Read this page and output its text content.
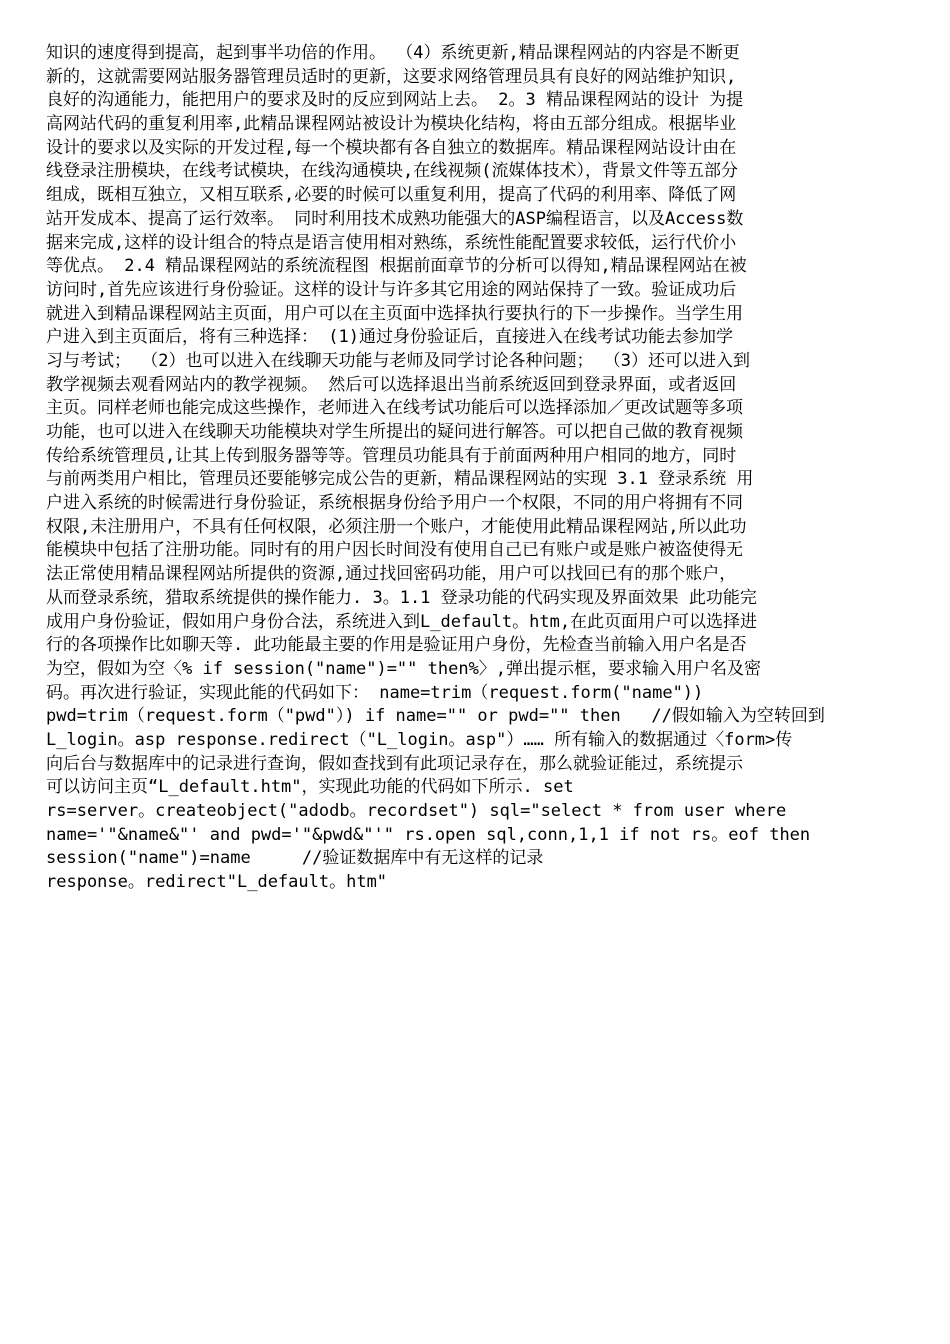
知识的速度得到提高，起到事半功倍的作用。 （4）系统更新,精品课程网站的内容是不断更
新的，这就需要网站服务器管理员适时的更新，这要求网络管理员具有良好的网站维护知识,
良好的沟通能力，能把用户的要求及时的反应到网站上去。 2。3 精品课程网站的设计 为提
高网站代码的重复利用率,此精品课程网站被设计为模块化结构，将由五部分组成。根据毕业
设计的要求以及实际的开发过程,每一个模块都有各自独立的数据库。精品课程网站设计由在
线登录注册模块，在线考试模块，在线沟通模块,在线视频(流媒体技术），背景文件等五部分
组成，既相互独立，又相互联系,必要的时候可以重复利用，提高了代码的利用率、降低了网
站开发成本、提高了运行效率。 同时利用技术成熟功能强大的ASP编程语言，以及Access数
据来完成,这样的设计组合的特点是语言使用相对熟练，系统性能配置要求较低，运行代价小
等优点。 2.4 精品课程网站的系统流程图 根据前面章节的分析可以得知,精品课程网站在被
访问时,首先应该进行身份验证。这样的设计与许多其它用途的网站保持了一致。验证成功后
就进入到精品课程网站主页面，用户可以在主页面中选择执行要执行的下一步操作。当学生用
户进入到主页面后，将有三种选择： (1)通过身份验证后，直接进入在线考试功能去参加学
习与考试； （2）也可以进入在线聊天功能与老师及同学讨论各种问题； （3）还可以进入到
教学视频去观看网站内的教学视频。 然后可以选择退出当前系统返回到登录界面，或者返回
主页。同样老师也能完成这些操作，老师进入在线考试功能后可以选择添加／更改试题等多项
功能，也可以进入在线聊天功能模块对学生所提出的疑问进行解答。可以把自己做的教育视频
传给系统管理员,让其上传到服务器等等。管理员功能具有于前面两种用户相同的地方，同时
与前两类用户相比，管理员还要能够完成公告的更新，精品课程网站的实现 3.1 登录系统 用
户进入系统的时候需进行身份验证，系统根据身份给予用户一个权限，不同的用户将拥有不同
权限,未注册用户，不具有任何权限，必须注册一个账户，才能使用此精品课程网站,所以此功
能模块中包括了注册功能。同时有的用户因长时间没有使用自己已有账户或是账户被盗使得无
法正常使用精品课程网站所提供的资源,通过找回密码功能，用户可以找回已有的那个账户，
从而登录系统，猎取系统提供的操作能力. 3。1.1 登录功能的代码实现及界面效果 此功能完
成用户身份验证，假如用户身份合法，系统进入到L_default。htm,在此页面用户可以选择进
行的各项操作比如聊天等. 此功能最主要的作用是验证用户身份，先检查当前输入用户名是否
为空，假如为空〈% if session("name")="" then%〉,弹出提示框，要求输入用户名及密
码。再次进行验证，实现此能的代码如下： name=trim（request.form("name"))
pwd=trim（request.form（"pwd"）) if name="" or pwd="" then   //假如输入为空转回到
L_login。asp response.redirect（"L_login。asp"）…… 所有输入的数据通过〈form>传
向后台与数据库中的记录进行查询，假如查找到有此项记录存在，那么就验证能过，系统提示
可以访问主页“L_default.htm"，实现此功能的代码如下所示. set
rs=server。createobject("adodb。recordset") sql="select * from user where
name='"&name&"' and pwd='"&pwd&"'" rs.open sql,conn,1,1 if not rs。eof then
session("name")=name     //验证数据库中有无这样的记录
response。redirect"L_default。htm"
